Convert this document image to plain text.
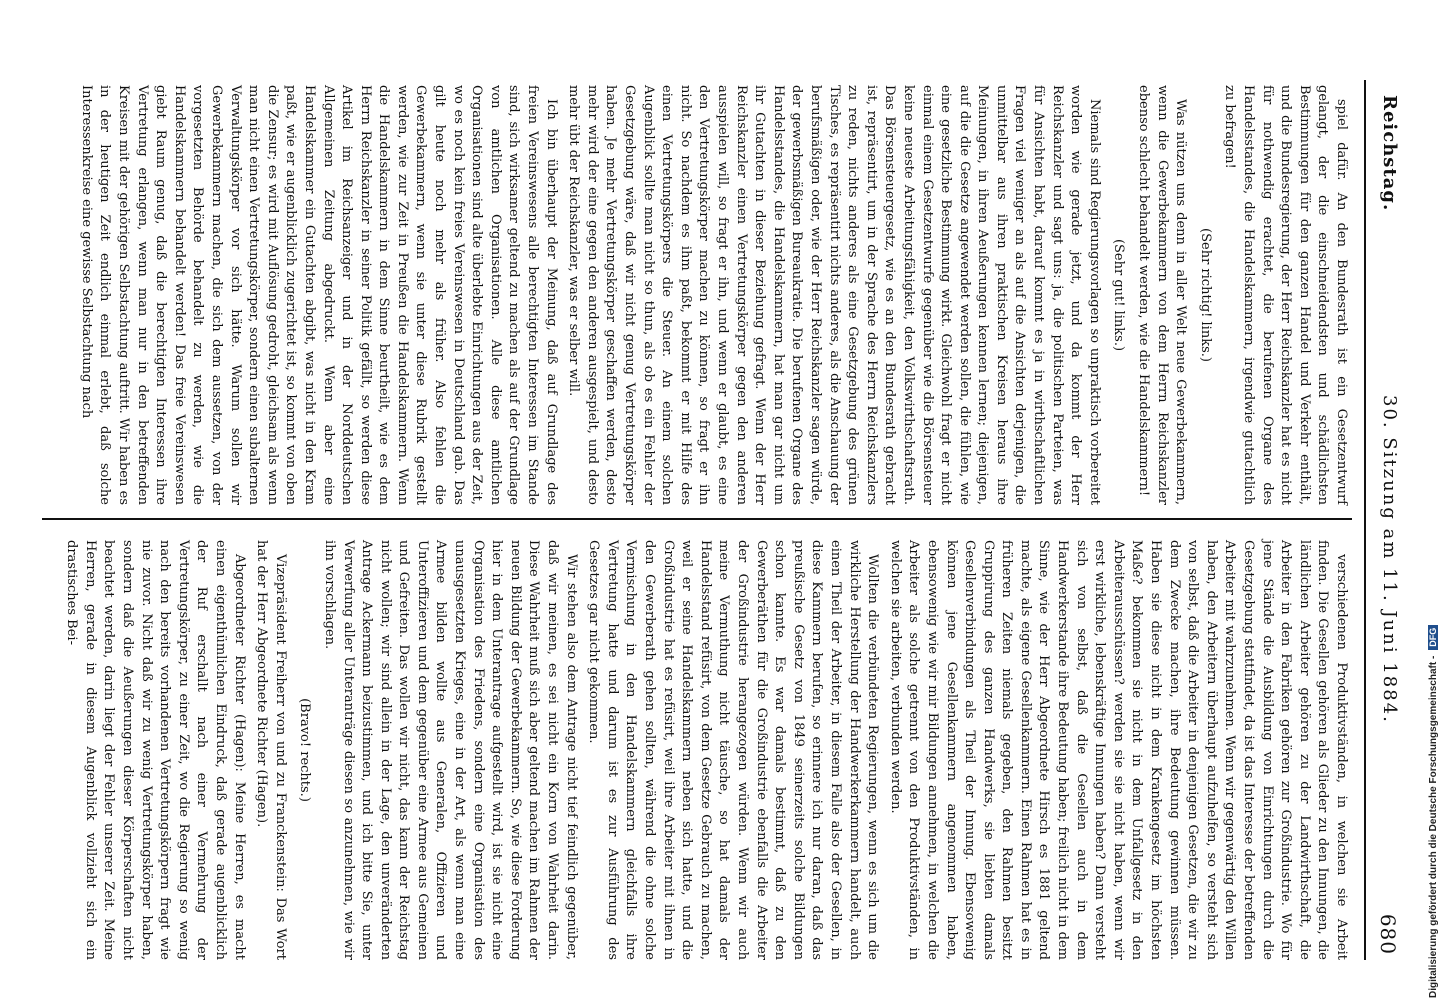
Reichstag.
30. Sitzung am 11. Juni 1884.
680

verschiedenen Produktivständen, in welchen sie Arbeit finden. Die Gesellen gehören als Glieder zu den Innungen, die ländlichen Arbeiter gehören zu der Landwirthschaft, die Arbeiter in den Fabriken gehören zur Großindustrie. Wo für jene Stände die Ausbildung von Einrichtungen durch die Gesetzgebung stattfindet, da ist das Interesse der betreffenden Arbeiter mit wahrzunehmen. Wenn wir gegenwärtig den Willen haben, den Arbeitern überhaupt aufzuhelfen, so versteht sich von selbst, daß die Arbeiter in denjenigen Gesetzen, die wir zu dem Zwecke machen, ihre Bedeutung gewinnen müssen. Haben sie diese nicht in dem Krankengesetz im höchsten Maße? bekommen sie nicht in dem Unfallgesetz in den Arbeiterausschüssen? werden sie sie nicht haben, wenn wir erst wirkliche, lebenskräftige Innungen haben? Dann versteht sich von selbst, daß die Gesellen auch in dem Handwerkerstande ihre Bedeutung haben; freilich nicht in dem Sinne, wie der Herr Abgeordnete Hirsch es 1881 geltend machte, als eigene Gesellenkammern. Einen Rahmen hat es in früheren Zeiten niemals gegeben, den Rahmen besitzt Gruppirung des ganzen Handwerks, sie liebten damals Gesellenverbindungen als Theil der Innung. Ebensowenig können jene Gesellenkammern angenommen haben, ebensowenig wie wir mir Bildungen annehmen, in welchen die Arbeiter als solche getrennt von den Produktivständen, in welchen sie arbeiten, verbunden werden.

Wollten die verbündeten Regierungen, wenn es sich um die wirkliche Herstellung der Handwerkerkammern handelt, auch einen Theil der Arbeiter, in diesem Falle also der Gesellen, in diese Kammern berufen, so erinnere ich nur daran, daß das preußische Gesetz von 1849 seinerzeits solche Bildungen schon kannte. Es war damals bestimmt, daß zu den Gewerberäthen für die Großindustrie ebenfalls die Arbeiter der Großindustrie herangezogen würden. Wenn wir auch meine Vermuthung nicht täusche, so hat damals der Handelsstand refüsirt, von dem Gesetze Gebrauch zu machen, weil er seine Handelskammern neben sich hatte, und die Großindustrie hat es refüsirt, weil ihre Arbeiter mit ihnen in den Gewerberath gehen sollten, während die ohne solche Vermischung in den Handelskammern gleichfalls ihre Vertretung hatte und darum ist es zur Ausführung des Gesetzes gar nicht gekommen.

Wir stehen also dem Antrage nicht tief feindlich gegenüber, daß wir meinen, es sei nicht ein Korn von Wahrheit darin. Diese Wahrheit muß sich aber geltend machen im Rahmen der neuen Bildung der Gewerbekammern. So, wie diese Forderung hier in dem Unterantrage aufgestellt wird, ist sie nicht eine Organisation des Friedens, sondern eine Organisation des unausgesetzten Krieges, eine in der Art, als wenn man eine Armee bilden wollte aus Generalen, Offizieren und Unteroffizieren und dem gegenüber eine Armee aus Gemeinen und Gefreiten. Das wollen wir nicht, das kann der Reichstag nicht wollen; wir sind allein in der Lage, den unveränderten Antrage Ackermann beizustimmen, und ich bitte Sie, unter Verwerfung aller Unteranträge diesen so anzunehmen, wie wir ihn vorschlagen.

(Bravo! rechts.)

Vizepräsident Freiherr von und zu Franckenstein: Das Wort hat der Herr Abgeordnete Richter (Hagen).

Abgeordneter Richter (Hagen): Meine Herren, es macht einen eigenthümlichen Eindruck, daß gerade augenblicklich der Ruf erschallt nach einer Vermehrung der Vertretungskörper, zu einer Zeit, wo die Regierung so wenig nach den bereits vorhandenen Vertretungskörpern fragt wie nie zuvor. Nicht daß wir zu wenig Vertretungskörper haben, sondern daß die Aeußerungen dieser Körperschaften nicht beachtet werden, darin liegt der Fehler unserer Zeit. Meine Herren, gerade in diesem Augenblick vollzieht sich ein drastisches Bei-

spiel dafür. An den Bundesrath ist ein Gesetzentwurf gelangt, der die einschneidendsten und schädlichsten Bestimmungen für den ganzen Handel und Verkehr enthält, und die Bundesregierung, der Herr Reichskanzler hat es nicht für nothwendig erachtet, die berufenen Organe des Handelsstandes, die Handelskammern, irgendwie gutachtlich zu befragen!

(Sehr richtig! links.)

Was nützen uns denn in aller Welt neue Gewerbekammern, wenn die Gewerbekammern von dem Herrn Reichskanzler ebenso schlecht behandelt werden, wie die Handelskammern!

(Sehr gut! links.)

Niemals sind Regierungsvorlagen so unpraktisch vorbereitet worden wie gerade jetzt, und da kommt der Herr Reichskanzler und sagt uns: ja, die politischen Parteien, was für Ansichten habt, darauf kommt es ja in wirthschaftlichen Fragen viel weniger an als auf die Ansichten derjenigen, die unmittelbar aus ihren praktischen Kreisen heraus ihre Meinungen, in ihren Aeußerungen kennen lernen; diejenigen, auf die die Gesetze angewendet werden sollen, die fühlen, wie eine gesetzliche Bestimmung wirkt. Gleichwohl fragt er nicht einmal einem Gesetzentwurfe gegenüber wie die Börsensteuer keine neueste Arbeitungsfähigkeit, den Volkswirthschaftsrath. Das Börsensteuergesetz, wie es an den Bundesrath gebracht ist, repräsentirt, um in der Sprache des Herrn Reichskanzlers zu reden, nichts anderes als eine Gesetzgebung des grünen Tisches, es repräsentirt nichts anderes, als die Anschauung der berufsmäßigen oder, wie der Herr Reichskanzler sagen würde, der gewerbsmäßigen Bureaukratie. Die berufenen Organe des Handelsstandes, die Handelskammern, hat man gar nicht um ihr Gutachten in dieser Beziehung gefragt. Wenn der Herr Reichskanzler einen Vertretungskörper gegen den anderen ausspielen will, so fragt er ihn, und wenn er glaubt, es eine den Vertretungskörper machen zu können, so fragt er ihn nicht. So nachdem es ihm paßt, bekommt er mit Hilfe des einen Vertretungskörpers die Steuer. An einem solchen Augenblick sollte man nicht so thun, als ob es ein Fehler der Gesetzgebung wäre, daß wir nicht genug Vertretungskörper haben. Je mehr Vertretungskörper geschaffen werden, desto mehr wird der eine gegen den anderen ausgespielt, und desto mehr übt der Reichskanzler, was er selber will.

Ich bin überhaupt der Meinung, daß auf Grundlage des freien Vereinswesens alle berechtigten Interessen im Stande sind, sich wirksamer geltend zu machen als auf der Grundlage von amtlichen Organisationen. Alle diese amtlichen Organisationen sind alte überlebte Einrichtungen aus der Zeit, wo es noch kein freies Vereinswesen in Deutschland gab. Das gilt heute noch mehr als früher. Also fehlen die Gewerbekammern, wenn sie unter diese Rubrik gestellt werden, wie zur Zeit in Preußen die Handelskammern. Wenn die Handelskammern in dem Sinne beurtheilt, wie es dem Herrn Reichskanzler in seiner Politik gefällt, so werden diese Artikel im Reichsanzeiger und in der Norddeutschen Allgemeinen Zeitung abgedruckt. Wenn aber eine Handelskammer ein Gutachten abgibt, was nicht in den Kram paßt, wie er augenblicklich zugerichtet ist, so kommt von oben die Zensur; es wird mit Auflösung gedroht, gleichsam als wenn man nicht einen Vertretungskörper, sondern einen subalternen Verwaltungskörper vor sich hätte. Warum sollen wir Gewerbekammern machen, die sich dem aussetzen, von der vorgesetzten Behörde behandelt zu werden, wie die Handelskammern behandelt werden! Das freie Vereinswesen giebt Raum genug, daß die berechtigten Interessen ihre Vertretung erlangen, wenn man nur in den betreffenden Kreisen mit der gehörigen Selbstachtung auftritt. Wir haben es in der heutigen Zeit endlich einmal erlebt, daß solche Interessenkreise eine gewisse Selbstachtung nach

Digitalisierung gefördert durch die Deutsche Forschungsgemeinschaft -DFG
